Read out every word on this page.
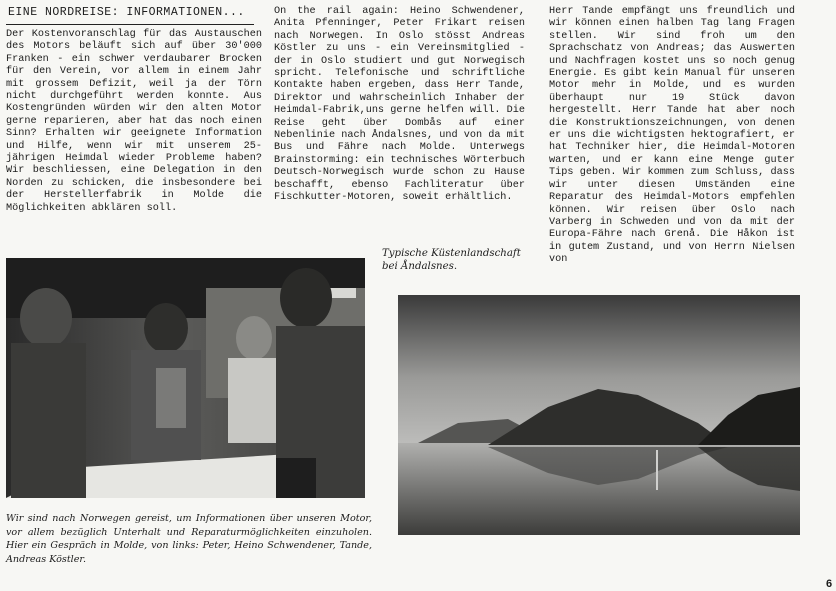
EINE NORDREISE: INFORMATIONEN...
Der Kostenvoranschlag für das Austauschen des Motors beläuft sich auf über 30'000 Franken - ein schwer verdaubarer Brocken für den Verein, vor allem in einem Jahr mit grossem Defizit, weil ja der Törn nicht durchgeführt werden konnte. Aus Kostengründen würden wir den alten Motor gerne reparieren, aber hat das noch einen Sinn? Erhalten wir geeignete Information und Hilfe, wenn wir mit unserem 25-jährigen Heimdal wieder Probleme haben? Wir beschliessen, eine Delegation in den Norden zu schicken, die insbesondere bei der Herstellerfabrik in Molde die Möglichkeiten abklären soll.
On the rail again: Heino Schwendener, Anita Pfenninger, Peter Frikart reisen nach Norwegen. In Oslo stösst Andreas Köstler zu uns - ein Vereinsmitglied - der in Oslo studiert und gut Norwegisch spricht. Telefonische und schriftliche Kontakte haben ergeben, dass Herr Tande, Direktor und wahrscheinlich Inhaber der Heimdal-Fabrik,uns gerne helfen will. Die Reise geht über Dombås auf einer Nebenlinie nach Åndalsnes, und von da mit Bus und Fähre nach Molde. Unterwegs Brainstorming: ein technisches Wörterbuch Deutsch-Norwegisch wurde schon zu Hause beschafft, ebenso Fachliteratur über Fischkutter-Motoren, soweit erhältlich.
Herr Tande empfängt uns freundlich und wir können einen halben Tag lang Fragen stellen. Wir sind froh um den Sprachschatz von Andreas; das Auswerten und Nachfragen kostet uns so noch genug Energie. Es gibt kein Manual für unseren Motor mehr in Molde, und es wurden überhaupt nur 19 Stück davon hergestellt. Herr Tande hat aber noch die Konstruktionszeichnungen, von denen er uns die wichtigsten hektografiert, er hat Techniker hier, die Heimdal-Motoren warten, und er kann eine Menge guter Tips geben. Wir kommen zum Schluss, dass wir unter diesen Umständen eine Reparatur des Heimdal-Motors empfehlen können. Wir reisen über Oslo nach Varberg in Schweden und von da mit der Europa-Fähre nach Grenå. Die Håkon ist in gutem Zustand, und von Herrn Nielsen von
Typische Küstenlandschaft bei Åndalsnes.
Wir sind nach Norwegen gereist, um Informationen über unseren Motor, vor allem bezüglich Unterhalt und Reparaturmöglichkeiten einzuholen. Hier ein Gespräch in Molde, von links: Peter, Heino Schwendener, Tande, Andreas Köstler.
6
